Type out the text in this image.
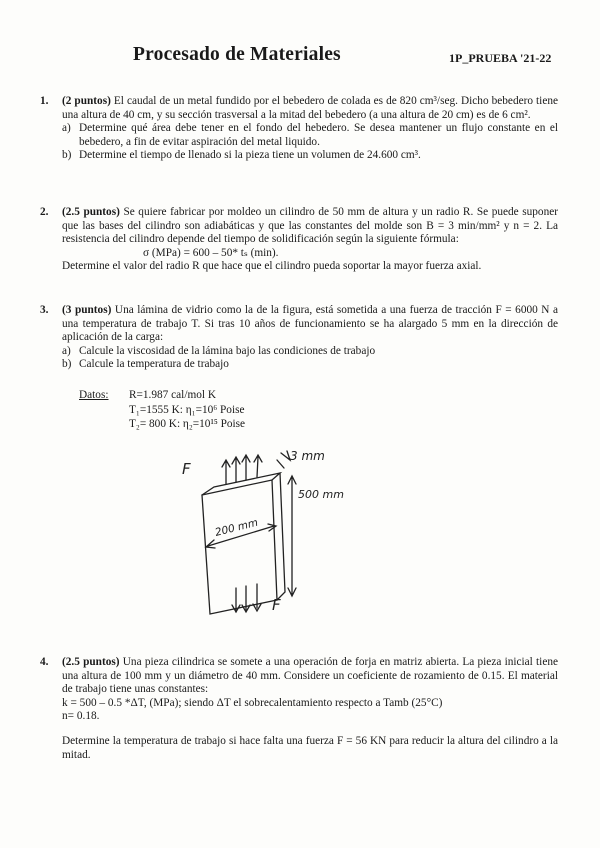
Procesado de Materiales	1P_PRUEBA '21-22
1. (2 puntos) El caudal de un metal fundido por el bebedero de colada es de 820 cm³/seg. Dicho bebedero tiene una altura de 40 cm, y su sección trasversal a la mitad del bebedero (a una altura de 20 cm) es de 6 cm².

a) Determine qué área debe tener en el fondo del hebedero. Se desea mantener un flujo constante en el bebedero, a fin de evitar aspiración del metal liquido.

b) Determine el tiempo de llenado si la pieza tiene un volumen de 24.600 cm³.

2. (2.5 puntos) Se quiere fabricar por moldeo un cilindro de 50 mm de altura y un radio R. Se puede suponer que las bases del cilindro son adiabáticas y que las constantes del molde son B = 3 min/mm² y n = 2. La resistencia del cilindro depende del tiempo de solidificación según la siguiente fórmula:

σ (MPa) = 600 – 50* tₛ (min).

Determine el valor del radio R que hace que el cilindro pueda soportar la mayor fuerza axial.

3. (3 puntos) Una lámina de vidrio como la de la figura, está sometida a una fuerza de tracción F = 6000 N a una temperatura de trabajo T. Si tras 10 años de funcionamiento se ha alargado 5 mm en la dirección de aplicación de la carga:

a) Calcule la viscosidad de la lámina bajo las condiciones de trabajo

b) Calcule la temperatura de trabajo

Datos: R=1.987 cal/mol K
T₁=1555 K: η₁=10⁶ Poise
T₂= 800 K: η₂=10¹⁵ Poise
F
F
3 mm
500 mm
200 mm
4. (2.5 puntos) Una pieza cilindrica se somete a una operación de forja en matriz abierta. La pieza inicial tiene una altura de 100 mm y un diámetro de 40 mm. Considere un coeficiente de rozamiento de 0.15. El material de trabajo tiene unas constantes:

k = 500 – 0.5 *ΔT, (MPa); siendo ΔT el sobrecalentamiento respecto a Tamb (25°C)

n= 0.18.

Determine la temperatura de trabajo si hace falta una fuerza F = 56 KN para reducir la altura del cilindro a la mitad.
